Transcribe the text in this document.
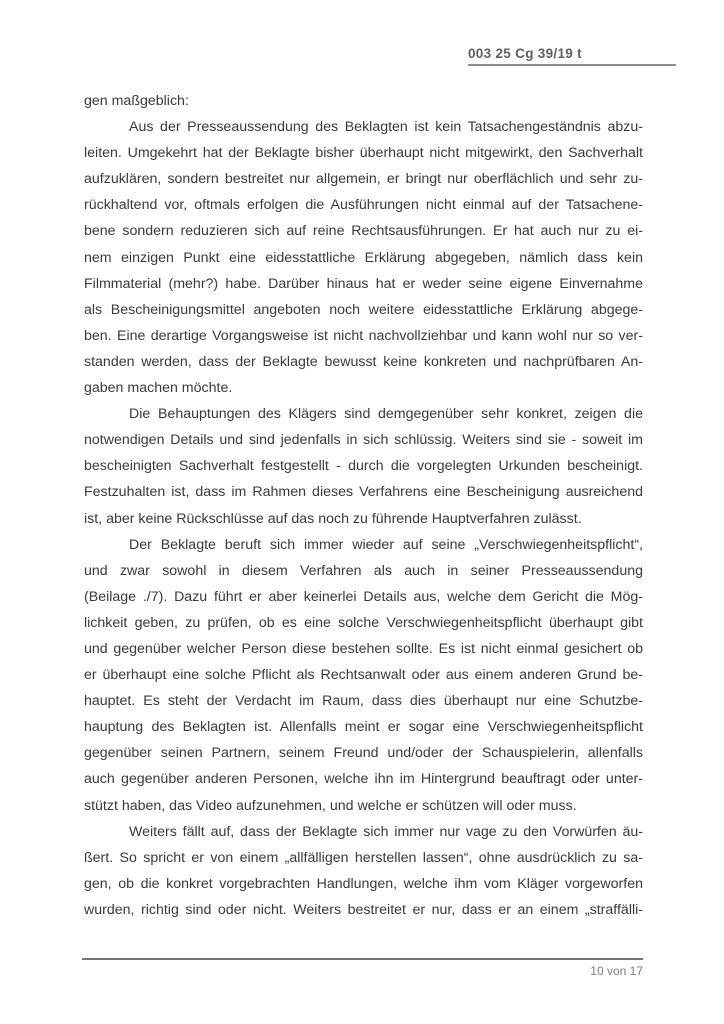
003 25 Cg 39/19 t
gen maßgeblich:
Aus der Presseaussendung des Beklagten ist kein Tatsachengeständnis abzu-
leiten. Umgekehrt hat der Beklagte bisher überhaupt nicht mitgewirkt, den Sachverhalt
aufzuklären, sondern bestreitet nur allgemein, er bringt nur oberflächlich und sehr zu-
rückhaltend vor, oftmals erfolgen die Ausführungen nicht einmal auf der Tatsachene-
bene sondern reduzieren sich auf reine Rechtsausführungen. Er hat auch nur zu ei-
nem einzigen Punkt eine eidesstattliche Erklärung abgegeben, nämlich dass kein
Filmmaterial (mehr?) habe. Darüber hinaus hat er weder seine eigene Einvernahme
als Bescheinigungsmittel angeboten noch weitere eidesstattliche Erklärung abgege-
ben. Eine derartige Vorgangsweise ist nicht nachvollziehbar und kann wohl nur so ver-
standen werden, dass der Beklagte bewusst keine konkreten und nachprüfbaren An-
gaben machen möchte.
Die Behauptungen des Klägers sind demgegenüber sehr konkret, zeigen die
notwendigen Details und sind jedenfalls in sich schlüssig. Weiters sind sie - soweit im
bescheinigten Sachverhalt festgestellt - durch die vorgelegten Urkunden bescheinigt.
Festzuhalten ist, dass im Rahmen dieses Verfahrens eine Bescheinigung ausreichend
ist, aber keine Rückschlüsse auf das noch zu führende Hauptverfahren zulässt.
Der Beklagte beruft sich immer wieder auf seine „Verschwiegenheitspflicht“,
und zwar sowohl in diesem Verfahren als auch in seiner Presseaussendung
(Beilage ./7). Dazu führt er aber keinerlei Details aus, welche dem Gericht die Mög-
lichkeit geben, zu prüfen, ob es eine solche Verschwiegenheitspflicht überhaupt gibt
und gegenüber welcher Person diese bestehen sollte. Es ist nicht einmal gesichert ob
er überhaupt eine solche Pflicht als Rechtsanwalt oder aus einem anderen Grund be-
hauptet. Es steht der Verdacht im Raum, dass dies überhaupt nur eine Schutzbe-
hauptung des Beklagten ist. Allenfalls meint er sogar eine Verschwiegenheitspflicht
gegenüber seinen Partnern, seinem Freund und/oder der Schauspielerin, allenfalls
auch gegenüber anderen Personen, welche ihn im Hintergrund beauftragt oder unter-
stützt haben, das Video aufzunehmen, und welche er schützen will oder muss.
Weiters fällt auf, dass der Beklagte sich immer nur vage zu den Vorwürfen äu-
ßert. So spricht er von einem „allfälligen herstellen lassen“, ohne ausdrücklich zu sa-
gen, ob die konkret vorgebrachten Handlungen, welche ihm vom Kläger vorgeworfen
wurden, richtig sind oder nicht. Weiters bestreitet er nur, dass er an einem „straffälli-
10 von 17
